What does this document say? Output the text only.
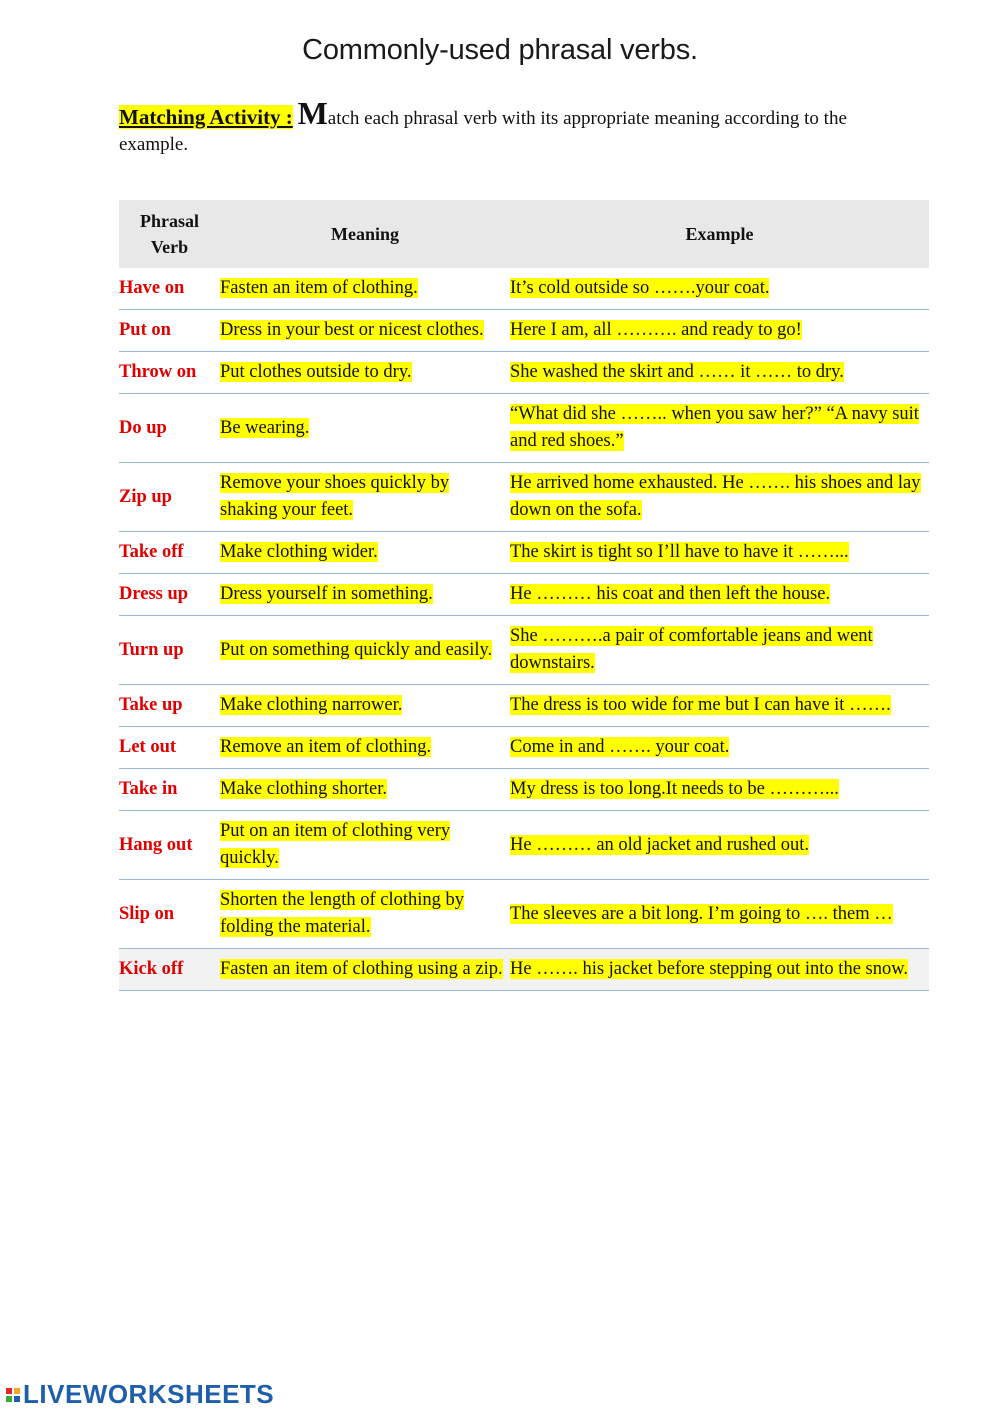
Commonly-used phrasal verbs.
Matching Activity : Match each phrasal verb with its appropriate meaning according to the example.
Phrasal Verb	Meaning	Example
Have on	Fasten an item of clothing.	It’s cold outside so …….your coat.
Put on	Dress in your best or nicest clothes.	Here I am, all ………. and ready to go!
Throw on	Put clothes outside to dry.	She washed the skirt and …… it …… to dry.
Do up	Be wearing.	“What did she …….. when you saw her?” “A navy suit and red shoes.”
Zip up	Remove your shoes quickly by shaking your feet.	He arrived home exhausted. He ……. his shoes and lay down on the sofa.
Take off	Make clothing wider.	The skirt is tight so I’ll have to have it ……...
Dress up	Dress yourself in something.	He ……… his coat and then left the house.
Turn up	Put on something quickly and easily.	She ……….a pair of comfortable jeans and went downstairs.
Take up	Make clothing narrower.	The dress is too wide for me but I can have it …….
Let out	Remove an item of clothing.	Come in and ……. your coat.
Take in	Make clothing shorter.	My dress is too long.It needs to be ………...
Hang out	Put on an item of clothing very quickly.	He ……… an old jacket and rushed out.
Slip on	Shorten the length of clothing by folding the material.	The sleeves are a bit long. I’m going to …. them …
Kick off	Fasten an item of clothing using a zip.	He ……. his jacket before stepping out into the snow.
LIVEWORKSHEETS
